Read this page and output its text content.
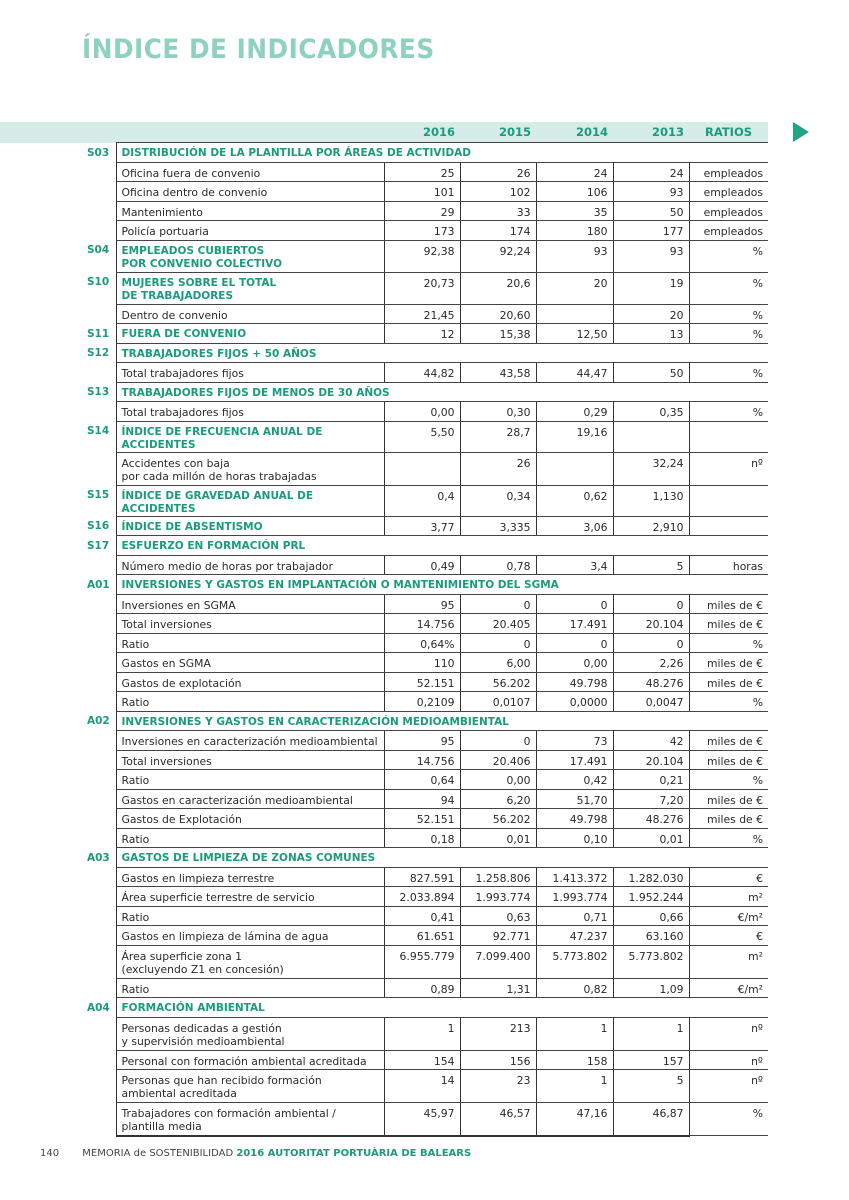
ÍNDICE DE INDICADORES
			2016	2015	2014	2013	RATIOS
	S03	DISTRIBUCIÓN DE LA PLANTILLA POR ÁREAS DE ACTIVIDAD					

		Oficina fuera de convenio	25	26	24	24	empleados

		Oficina dentro de convenio	101	102	106	93	empleados

		Mantenimiento	29	33	35	50	empleados

		Policía portuaria	173	174	180	177	empleados
	S04	EMPLEADOS CUBIERTOS
POR CONVENIO COLECTIVO	92,38	92,24	93	93	%
	S10	MUJERES SOBRE EL TOTAL
DE TRABAJADORES	20,73	20,6	20	19	%

		Dentro de convenio	21,45	20,60		20	%
	S11	FUERA DE CONVENIO	12	15,38	12,50	13	%
	S12	TRABAJADORES FIJOS + 50 AÑOS					

		Total trabajadores fijos	44,82	43,58	44,47	50	%
	S13	TRABAJADORES FIJOS DE MENOS DE 30 AÑOS					

		Total trabajadores fijos	0,00	0,30	0,29	0,35	%
	S14	ÍNDICE DE FRECUENCIA ANUAL DE ACCIDENTES	5,50	28,7	19,16		

		Accidentes con baja
por cada millón de horas trabajadas		26		32,24	nº
	S15	ÍNDICE DE GRAVEDAD ANUAL DE ACCIDENTES	0,4	0,34	0,62	1,130	
	S16	ÍNDICE DE ABSENTISMO	3,77	3,335	3,06	2,910	
	S17	ESFUERZO EN FORMACIÓN PRL					

		Número medio de horas por trabajador	0,49	0,78	3,4	5	horas
	A01	INVERSIONES Y GASTOS EN IMPLANTACIÓN O MANTENIMIENTO DEL SGMA					

		Inversiones en SGMA	95	0	0	0	miles de €

		Total inversiones	14.756	20.405	17.491	20.104	miles de €

		Ratio	0,64%	0	0	0	%

		Gastos en SGMA	110	6,00	0,00	2,26	miles de €

		Gastos de explotación	52.151	56.202	49.798	48.276	miles de €

		Ratio	0,2109	0,0107	0,0000	0,0047	%
	A02	INVERSIONES Y GASTOS EN CARACTERIZACIÓN MEDIOAMBIENTAL					

		Inversiones en caracterización medioambiental	95	0	73	42	miles de €

		Total inversiones	14.756	20.406	17.491	20.104	miles de €

		Ratio	0,64	0,00	0,42	0,21	%

		Gastos en caracterización medioambiental	94	6,20	51,70	7,20	miles de €

		Gastos de Explotación	52.151	56.202	49.798	48.276	miles de €

		Ratio	0,18	0,01	0,10	0,01	%
	A03	GASTOS DE LIMPIEZA DE ZONAS COMUNES					

		Gastos en limpieza terrestre	827.591	1.258.806	1.413.372	1.282.030	€

		Área superficie terrestre de servicio	2.033.894	1.993.774	1.993.774	1.952.244	m²

		Ratio	0,41	0,63	0,71	0,66	€/m²

		Gastos en limpieza de lámina de agua	61.651	92.771	47.237	63.160	€

		Área superficie zona 1
(excluyendo Z1 en concesión)	6.955.779	7.099.400	5.773.802	5.773.802	m²

		Ratio	0,89	1,31	0,82	1,09	€/m²
	A04	FORMACIÓN AMBIENTAL					

		Personas dedicadas a gestión
y supervisión medioambiental	1	213	1	1	nº

		Personal con formación ambiental acreditada	154	156	158	157	nº

		Personas que han recibido formación
ambiental acreditada	14	23	1	5	nº

		Trabajadores con formación ambiental /
plantilla media	45,97	46,57	47,16	46,87	%
140 MEMORIA de SOSTENIBILIDAD 2016 AUTORITAT PORTUÀRIA DE BALEARS
